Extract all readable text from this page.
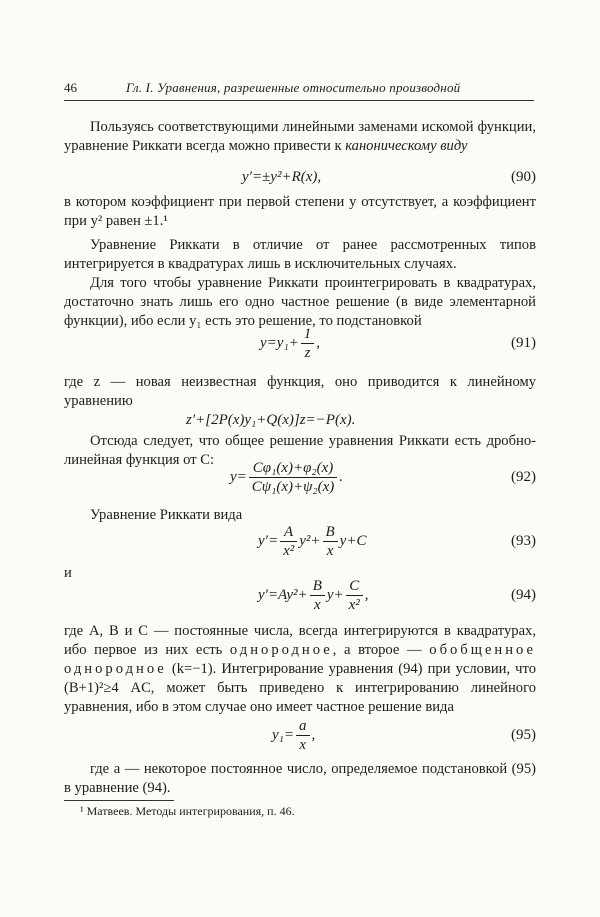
46	Гл. I. Уравнения, разрешенные относительно производной

Пользуясь соответствующими линейными заменами искомой функции, уравнение Риккати всегда можно привести к каноническому виду

y′=±y²+R(x),	(90)

в котором коэффициент при первой степени y отсутствует, а коэффициент при y² равен ±1.¹

Уравнение Риккати в отличие от ранее рассмотренных типов интегрируется в квадратурах лишь в исключительных случаях.

Для того чтобы уравнение Риккати проинтегрировать в квадратурах, достаточно знать лишь его одно частное решение (в виде элементарной функции), ибо если y₁ есть это решение, то подстановкой

$y=y_1+ \frac{1}{z}$ ,	(91)

где z — новая неизвестная функция, оно приводится к линейному уравнению

z′+[2P(x)y₁+Q(x)]z=−P(x).

Отсюда следует, что общее решение уравнения Риккати есть дробно-линейная функция от C:

$y= \frac{\text{Cφ₁(x)+φ₂(x)}}{\text{Cψ₁(x)+ψ₂(x)}}$ .	(92)

Уравнение Риккати вида

$y'= \frac{A}{\text{x²}} y^2+ \frac{B}{x} y+C$	(93)

и

$y'=Ay^2+ \frac{B}{x} y+ \frac{C}{\text{x²}}$ ,	(94)

где A, B и C — постоянные числа, всегда интегрируются в квадратурах, ибо первое из них есть однородное, а второе — обобщенное однородное (k=−1). Интегрирование уравнения (94) при условии, что (B+1)²≥4 AC, может быть приведено к интегрированию линейного уравнения, ибо в этом случае оно имеет частное решение вида

$y_1= \frac{a}{x}$ ,	(95)

где a — некоторое постоянное число, определяемое подстановкой (95) в уравнение (94).

¹ Матвеев. Методы интегрирования, п. 46.
